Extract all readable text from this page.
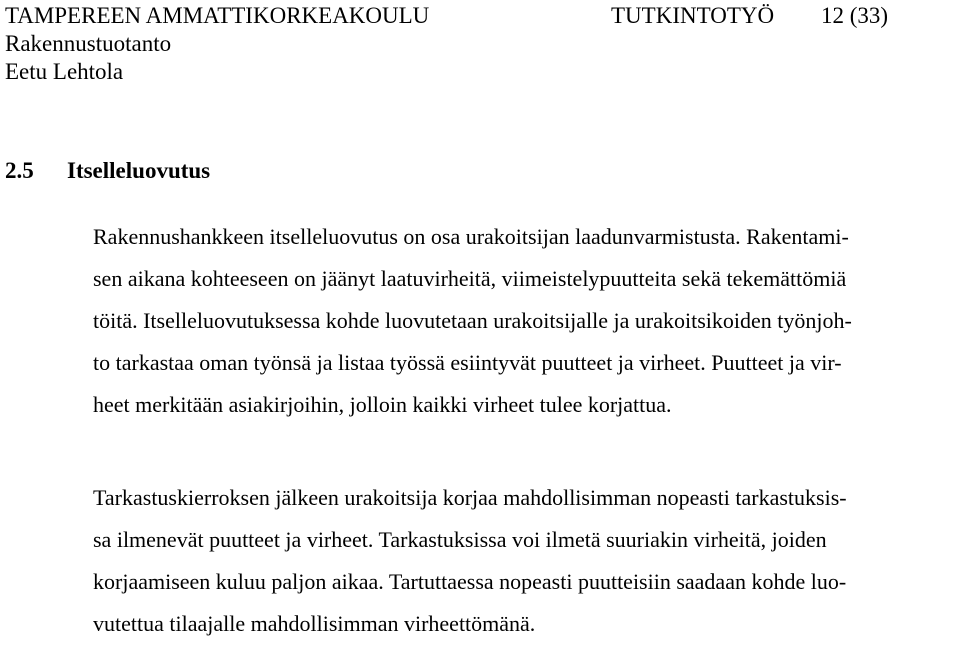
TAMPEREEN AMMATTIKORKEAKOULU	TUTKINTOTYÖ 12 (33)
Rakennustuotanto
Eetu Lehtola
2.5 Itselleluovutus
Rakennushankkeen itselleluovutus on osa urakoitsijan laadunvarmistusta. Rakentami-
sen aikana kohteeseen on jäänyt laatuvirheitä, viimeistelypuutteita sekä tekemättömiä
töitä. Itselleluovutuksessa kohde luovutetaan urakoitsijalle ja urakoitsikoiden työnjoh-
to tarkastaa oman työnsä ja listaa työssä esiintyvät puutteet ja virheet. Puutteet ja vir-
heet merkitään asiakirjoihin, jolloin kaikki virheet tulee korjattua.
Tarkastuskierroksen jälkeen urakoitsija korjaa mahdollisimman nopeasti tarkastuksis-
sa ilmenevät puutteet ja virheet. Tarkastuksissa voi ilmetä suuriakin virheitä, joiden
korjaamiseen kuluu paljon aikaa. Tartuttaessa nopeasti puutteisiin saadaan kohde luo-
vutettua tilaajalle mahdollisimman virheettömänä.
